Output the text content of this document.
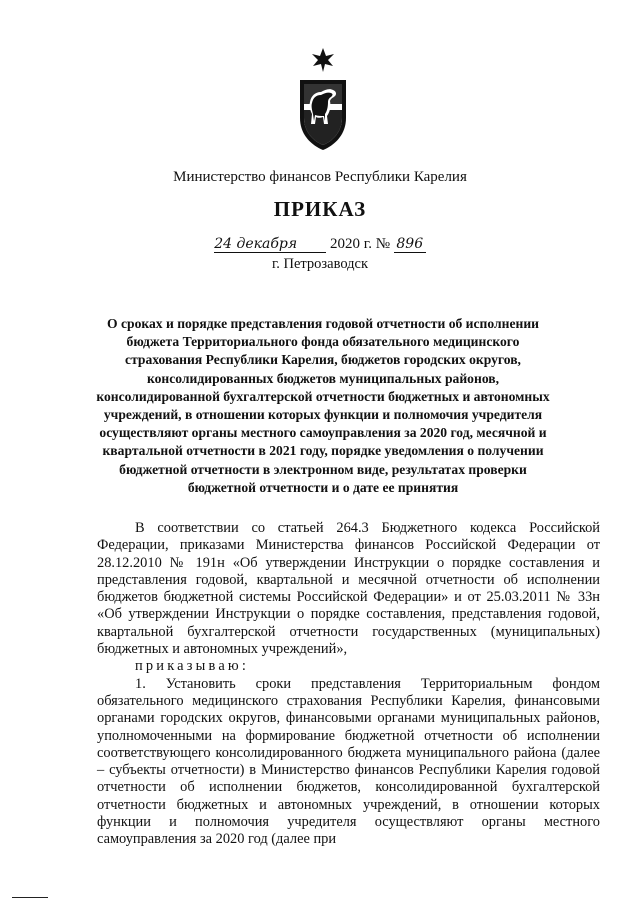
Министерство финансов Республики Карелия
ПРИКАЗ
24 декабря 2020 г. № 896
г. Петрозаводск
О сроках и порядке представления годовой отчетности об исполнении бюджета Территориального фонда обязательного медицинского страхования Республики Карелия, бюджетов городских округов, консолидированных бюджетов муниципальных районов, консолидированной бухгалтерской отчетности бюджетных и автономных учреждений, в отношении которых функции и полномочия учредителя осуществляют органы местного самоуправления за 2020 год, месячной и квартальной отчетности в 2021 году, порядке уведомления о получении бюджетной отчетности в электронном виде, результатах проверки бюджетной отчетности и о дате ее принятия

В соответствии со статьей 264.3 Бюджетного кодекса Российской Федерации, приказами Министерства финансов Российской Федерации от 28.12.2010 № 191н «Об утверждении Инструкции о порядке составления и представления годовой, квартальной и месячной отчетности об исполнении бюджетов бюджетной системы Российской Федерации» и от 25.03.2011 № 33н «Об утверждении Инструкции о порядке составления, представления годовой, квартальной бухгалтерской отчетности государственных (муниципальных) бюджетных и автономных учреждений»,

приказываю:

1. Установить сроки представления Территориальным фондом обязательного медицинского страхования Республики Карелия, финансовыми органами городских округов, финансовыми органами муниципальных районов, уполномоченными на формирование бюджетной отчетности об исполнении соответствующего консолидированного бюджета муниципального района (далее – субъекты отчетности) в Министерство финансов Республики Карелия годовой отчетности об исполнении бюджетов, консолидированной бухгалтерской отчетности бюджетных и автономных учреждений, в отношении которых функции и полномочия учредителя осуществляют органы местного самоуправления за 2020 год (далее при
